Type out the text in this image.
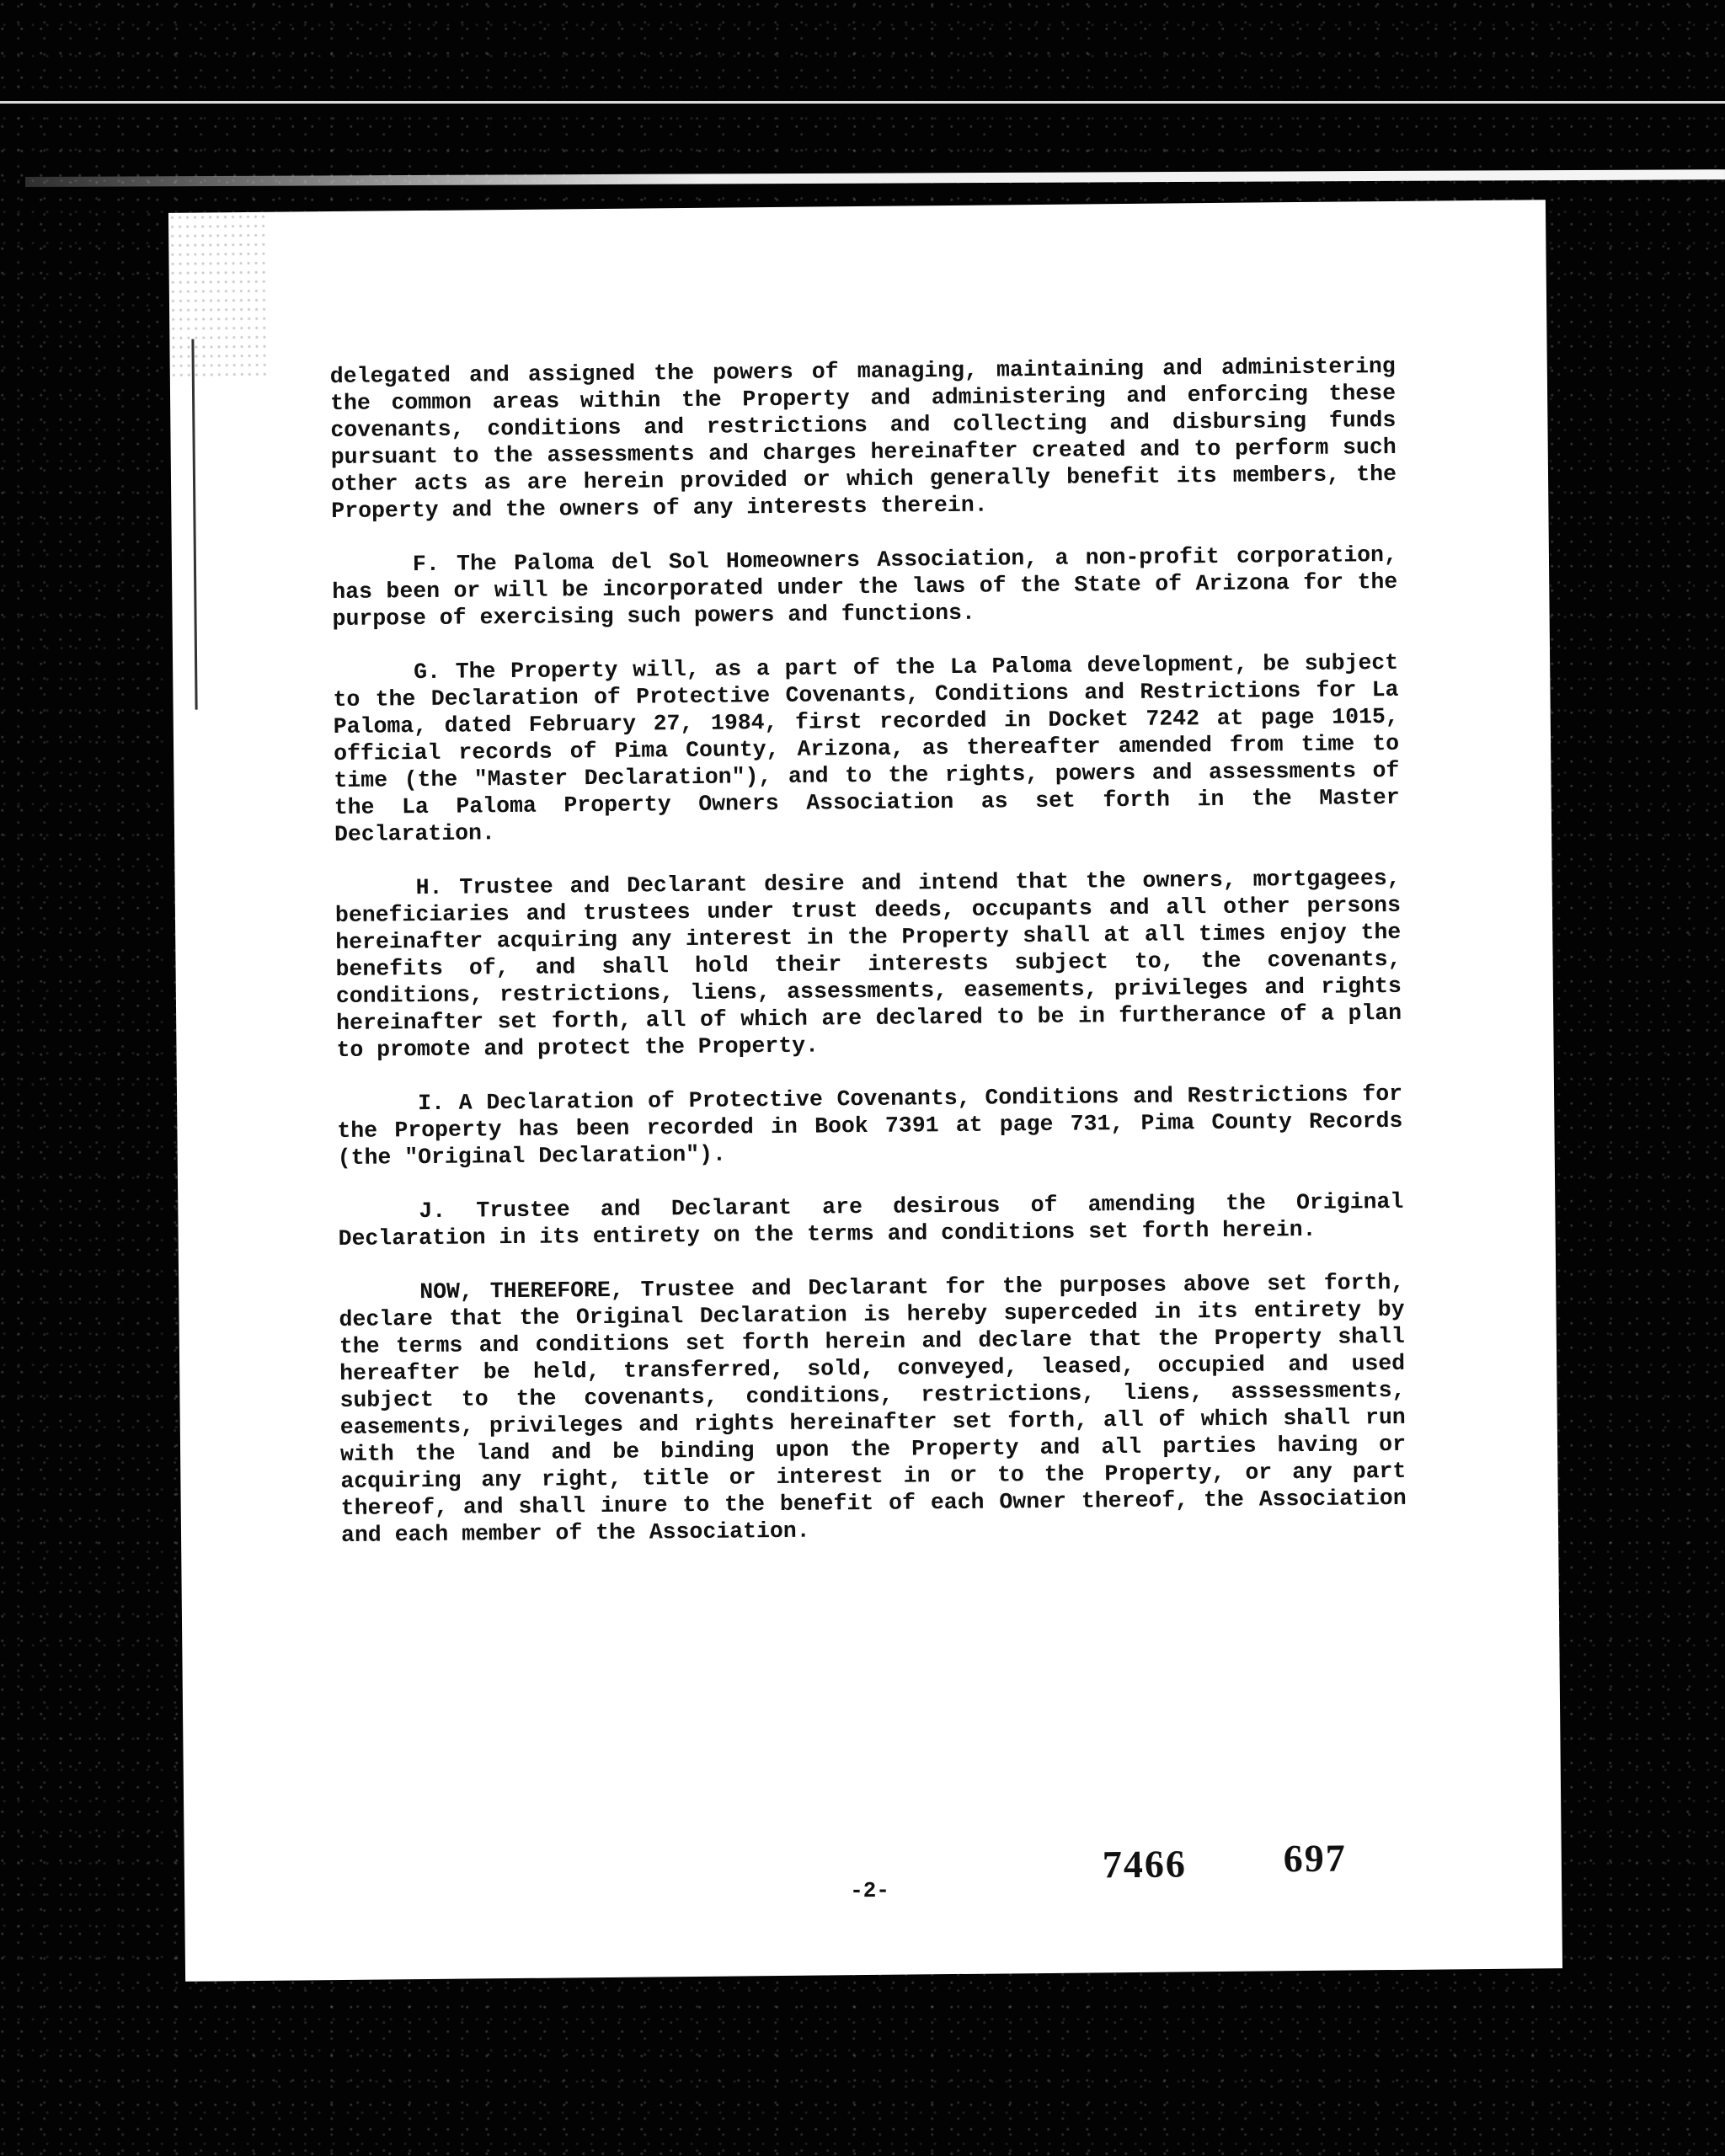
delegated and assigned the powers of managing, maintaining and administering the common areas within the Property and administering and enforcing these covenants, conditions and restrictions and collecting and disbursing funds pursuant to the assessments and charges hereinafter created and to perform such other acts as are herein provided or which generally benefit its members, the Property and the owners of any interests therein.

F. The Paloma del Sol Homeowners Association, a non-profit corporation, has been or will be incorporated under the laws of the State of Arizona for the purpose of exercising such powers and functions.

G. The Property will, as a part of the La Paloma development, be subject to the Declaration of Protective Covenants, Conditions and Restrictions for La Paloma, dated February 27, 1984, first recorded in Docket 7242 at page 1015, official records of Pima County, Arizona, as thereafter amended from time to time (the "Master Declaration"), and to the rights, powers and assessments of the La Paloma Property Owners Association as set forth in the Master Declaration.

H. Trustee and Declarant desire and intend that the owners, mortgagees, beneficiaries and trustees under trust deeds, occupants and all other persons hereinafter acquiring any interest in the Property shall at all times enjoy the benefits of, and shall hold their interests subject to, the covenants, conditions, restrictions, liens, assessments, easements, privileges and rights hereinafter set forth, all of which are declared to be in furtherance of a plan to promote and protect the Property.

I. A Declaration of Protective Covenants, Conditions and Restrictions for the Property has been recorded in Book 7391 at page 731, Pima County Records (the "Original Declaration").

J. Trustee and Declarant are desirous of amending the Original Declaration in its entirety on the terms and conditions set forth herein.

NOW, THEREFORE, Trustee and Declarant for the purposes above set forth, declare that the Original Declaration is hereby superceded in its entirety by the terms and conditions set forth herein and declare that the Property shall hereafter be held, transferred, sold, conveyed, leased, occupied and used subject to the covenants, conditions, restrictions, liens, asssessments, easements, privileges and rights hereinafter set forth, all of which shall run with the land and be binding upon the Property and all parties having or acquiring any right, title or interest in or to the Property, or any part thereof, and shall inure to the benefit of each Owner thereof, the Association and each member of the Association.

-2-
7466 697
